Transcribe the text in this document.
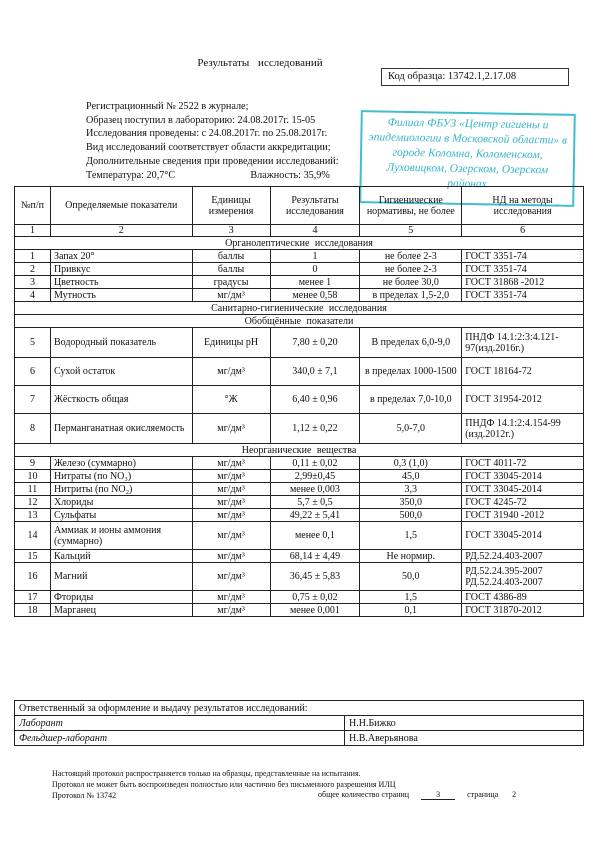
Результаты исследований
Код образца: 13742.1,2.17.08
Регистрационный № 2522 в журнале;
Образец поступил в лабораторию: 24.08.2017г. 15-05
Исследования проведены: с 24.08.2017г. по 25.08.2017г.
Вид исследований соответствует области аккредитации;
Дополнительные сведения при проведении исследований:
Температура: 20,7°С	Влажность: 35,9%
Филиал ФБУЗ «Центр гигиены и эпидемиологии в Московской области» в городе Коломна, Коломенском, Луховицком, Озерском, Озерском районах
№п/п	Определяемые показатели	Единицы измерения	Результаты исследования	Гигиенические нормативы, не более	НД на методы исследования
1	2	3	4	5	6
Органолептические исследования					
1	Запах 20°	баллы	1	не более 2-3	ГОСТ 3351-74
2	Привкус	баллы	0	не более 2-3	ГОСТ 3351-74
3	Цветность	градусы	менее 1	не более 30,0	ГОСТ 31868 -2012
4	Мутность	мг/дм³	менее 0,58	в пределах 1,5-2,0	ГОСТ 3351-74
Санитарно-гигиенические исследования					
Обобщённые показатели					
5	Водородный показатель	Единицы pH	7,80 ± 0,20	В пределах 6,0-9,0	ПНДФ 14.1:2:3:4.121-97(изд.2016г.)
6	Сухой остаток	мг/дм³	340,0 ± 7,1	в пределах 1000-1500	ГОСТ 18164-72
7	Жёсткость общая	°Ж	6,40 ± 0,96	в пределах 7,0-10,0	ГОСТ 31954-2012
8	Перманганатная окисляемость	мг/дм³	1,12 ± 0,22	5,0-7,0	ПНДФ 14.1:2:4.154-99 (изд.2012г.)
Неорганические вещества					
9	Железо (суммарно)	мг/дм³	0,11 ± 0,02	0,3 (1,0)	ГОСТ 4011-72
10	Нитраты (по NO₃)	мг/дм³	2,99±0,45	45,0	ГОСТ 33045-2014
11	Нитриты (по NO₂)	мг/дм³	менее 0,003	3,3	ГОСТ 33045-2014
12	Хлориды	мг/дм³	5,7 ± 0,5	350,0	ГОСТ 4245-72
13	Сульфаты	мг/дм³	49,22 ± 5,41	500,0	ГОСТ 31940 -2012
14	Аммиак и ионы аммония (суммарно)	мг/дм³	менее 0,1	1,5	ГОСТ 33045-2014
15	Кальций	мг/дм³	68,14 ± 4,49	Не нормир.	РД.52.24.403-2007
16	Магний	мг/дм³	36,45 ± 5,83	50,0	РД.52.24.395-2007 РД.52.24.403-2007
17	Фториды	мг/дм³	0,75 ± 0,02	1,5	ГОСТ 4386-89
18	Марганец	мг/дм³	менее 0,001	0,1	ГОСТ 31870-2012
Ответственный за оформление и выдачу результатов исследований:	
Лаборант	Н.Н.Бижко
Фельдшер-лаборант	Н.В.Аверьянова
Настоящий протокол распространяется только на образцы, представленные на испытания.
Протокол не может быть воспроизведен полностью или частично без письменного разрешения ИЛЦ
Протокол № 13742	общее количество страниц	3	страница 2
